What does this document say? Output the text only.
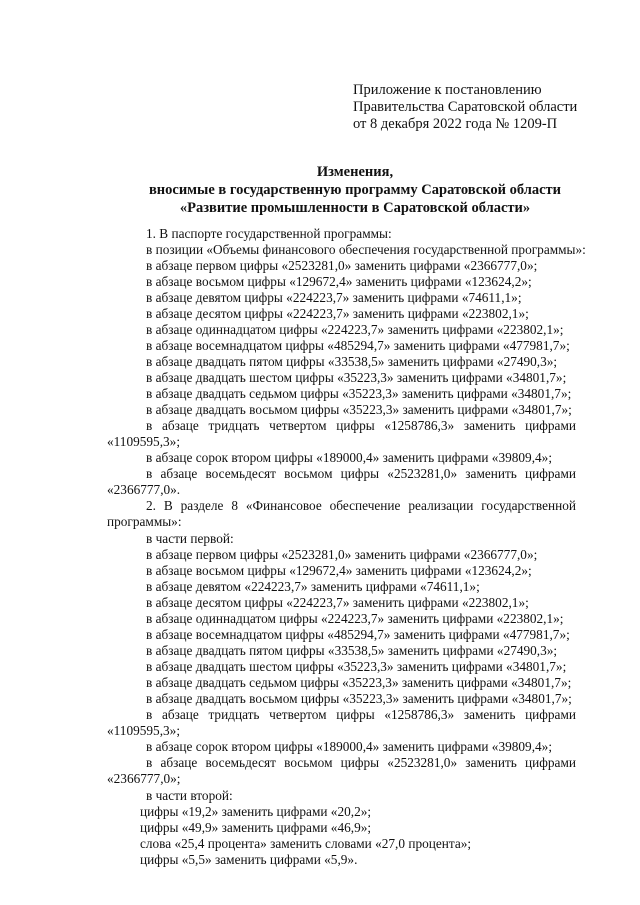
Приложение к постановлению
Правительства Саратовской области
от 8 декабря 2022 года № 1209-П
Изменения,
вносимые в государственную программу Саратовской области
«Развитие промышленности в Саратовской области»
1. В паспорте государственной программы:
в позиции «Объемы финансового обеспечения государственной программы»:
в абзаце первом цифры «2523281,0» заменить цифрами «2366777,0»;
в абзаце восьмом цифры «129672,4» заменить цифрами «123624,2»;
в абзаце девятом цифры «224223,7» заменить цифрами «74611,1»;
в абзаце десятом цифры «224223,7» заменить цифрами «223802,1»;
в абзаце одиннадцатом цифры «224223,7» заменить цифрами «223802,1»;
в абзаце восемнадцатом цифры «485294,7» заменить цифрами «477981,7»;
в абзаце двадцать пятом цифры «33538,5» заменить цифрами «27490,3»;
в абзаце двадцать шестом цифры «35223,3» заменить цифрами «34801,7»;
в абзаце двадцать седьмом цифры «35223,3» заменить цифрами «34801,7»;
в абзаце двадцать восьмом цифры «35223,3» заменить цифрами «34801,7»;
в абзаце тридцать четвертом цифры «1258786,3» заменить цифрами
«1109595,3»;
в абзаце сорок втором цифры «189000,4» заменить цифрами «39809,4»;
в абзаце восемьдесят восьмом цифры «2523281,0» заменить цифрами
«2366777,0».
2. В разделе 8 «Финансовое обеспечение реализации государственной
программы»:
в части первой:
в абзаце первом цифры «2523281,0» заменить цифрами «2366777,0»;
в абзаце восьмом цифры «129672,4» заменить цифрами «123624,2»;
в абзаце девятом «224223,7» заменить цифрами «74611,1»;
в абзаце десятом цифры «224223,7» заменить цифрами «223802,1»;
в абзаце одиннадцатом цифры «224223,7» заменить цифрами «223802,1»;
в абзаце восемнадцатом цифры «485294,7» заменить цифрами «477981,7»;
в абзаце двадцать пятом цифры «33538,5» заменить цифрами «27490,3»;
в абзаце двадцать шестом цифры «35223,3» заменить цифрами «34801,7»;
в абзаце двадцать седьмом цифры «35223,3» заменить цифрами «34801,7»;
в абзаце двадцать восьмом цифры «35223,3» заменить цифрами «34801,7»;
в абзаце тридцать четвертом цифры «1258786,3» заменить цифрами
«1109595,3»;
в абзаце сорок втором цифры «189000,4» заменить цифрами «39809,4»;
в абзаце восемьдесят восьмом цифры «2523281,0» заменить цифрами
«2366777,0»;
в части второй:
цифры «19,2» заменить цифрами «20,2»;
цифры «49,9» заменить цифрами «46,9»;
слова «25,4 процента» заменить словами «27,0 процента»;
цифры «5,5» заменить цифрами «5,9».
